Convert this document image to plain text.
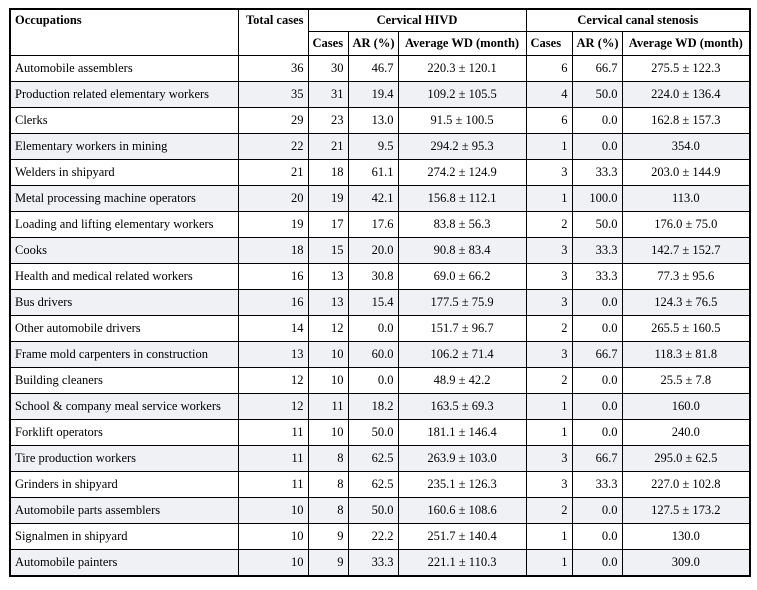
Occupations	Total cases	Cervical HIVD			Cervical canal stenosis		
		Cases	AR (%)	Average WD (month)	Cases	AR (%)	Average WD (month)
Automobile assemblers	36	30	46.7	220.3 ± 120.1	6	66.7	275.5 ± 122.3
Production related elementary workers	35	31	19.4	109.2 ± 105.5	4	50.0	224.0 ± 136.4
Clerks	29	23	13.0	91.5 ± 100.5	6	0.0	162.8 ± 157.3
Elementary workers in mining	22	21	9.5	294.2 ± 95.3	1	0.0	354.0
Welders in shipyard	21	18	61.1	274.2 ± 124.9	3	33.3	203.0 ± 144.9
Metal processing machine operators	20	19	42.1	156.8 ± 112.1	1	100.0	113.0
Loading and lifting elementary workers	19	17	17.6	83.8 ± 56.3	2	50.0	176.0 ± 75.0
Cooks	18	15	20.0	90.8 ± 83.4	3	33.3	142.7 ± 152.7
Health and medical related workers	16	13	30.8	69.0 ± 66.2	3	33.3	77.3 ± 95.6
Bus drivers	16	13	15.4	177.5 ± 75.9	3	0.0	124.3 ± 76.5
Other automobile drivers	14	12	0.0	151.7 ± 96.7	2	0.0	265.5 ± 160.5
Frame mold carpenters in construction	13	10	60.0	106.2 ± 71.4	3	66.7	118.3 ± 81.8
Building cleaners	12	10	0.0	48.9 ± 42.2	2	0.0	25.5 ± 7.8
School & company meal service workers	12	11	18.2	163.5 ± 69.3	1	0.0	160.0
Forklift operators	11	10	50.0	181.1 ± 146.4	1	0.0	240.0
Tire production workers	11	8	62.5	263.9 ± 103.0	3	66.7	295.0 ± 62.5
Grinders in shipyard	11	8	62.5	235.1 ± 126.3	3	33.3	227.0 ± 102.8
Automobile parts assemblers	10	8	50.0	160.6 ± 108.6	2	0.0	127.5 ± 173.2
Signalmen in shipyard	10	9	22.2	251.7 ± 140.4	1	0.0	130.0
Automobile painters	10	9	33.3	221.1 ± 110.3	1	0.0	309.0
